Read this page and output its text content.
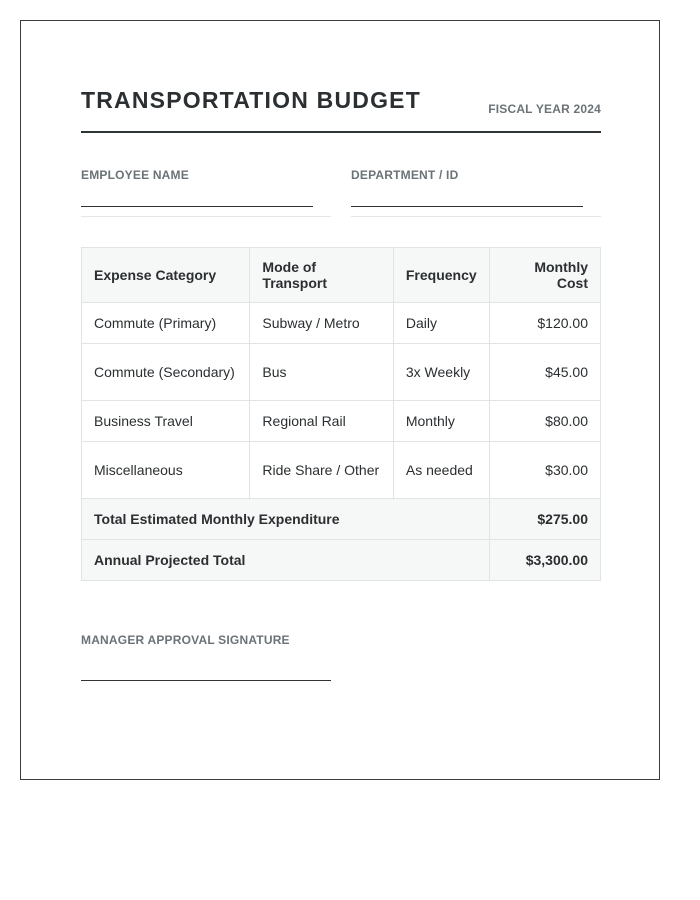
TRANSPORTATION BUDGET	FISCAL YEAR 2024
EMPLOYEE NAME	DEPARTMENT / ID
Expense Category	Mode of Transport	Frequency	Monthly Cost
Commute (Primary)	Subway / Metro	Daily	$120.00
Commute (Secondary)	Bus	3x Weekly	$45.00
Business Travel	Regional Rail	Monthly	$80.00
Miscellaneous	Ride Share / Other	As needed	$30.00
Total Estimated Monthly Expenditure			$275.00
Annual Projected Total			$3,300.00
MANAGER APPROVAL SIGNATURE
